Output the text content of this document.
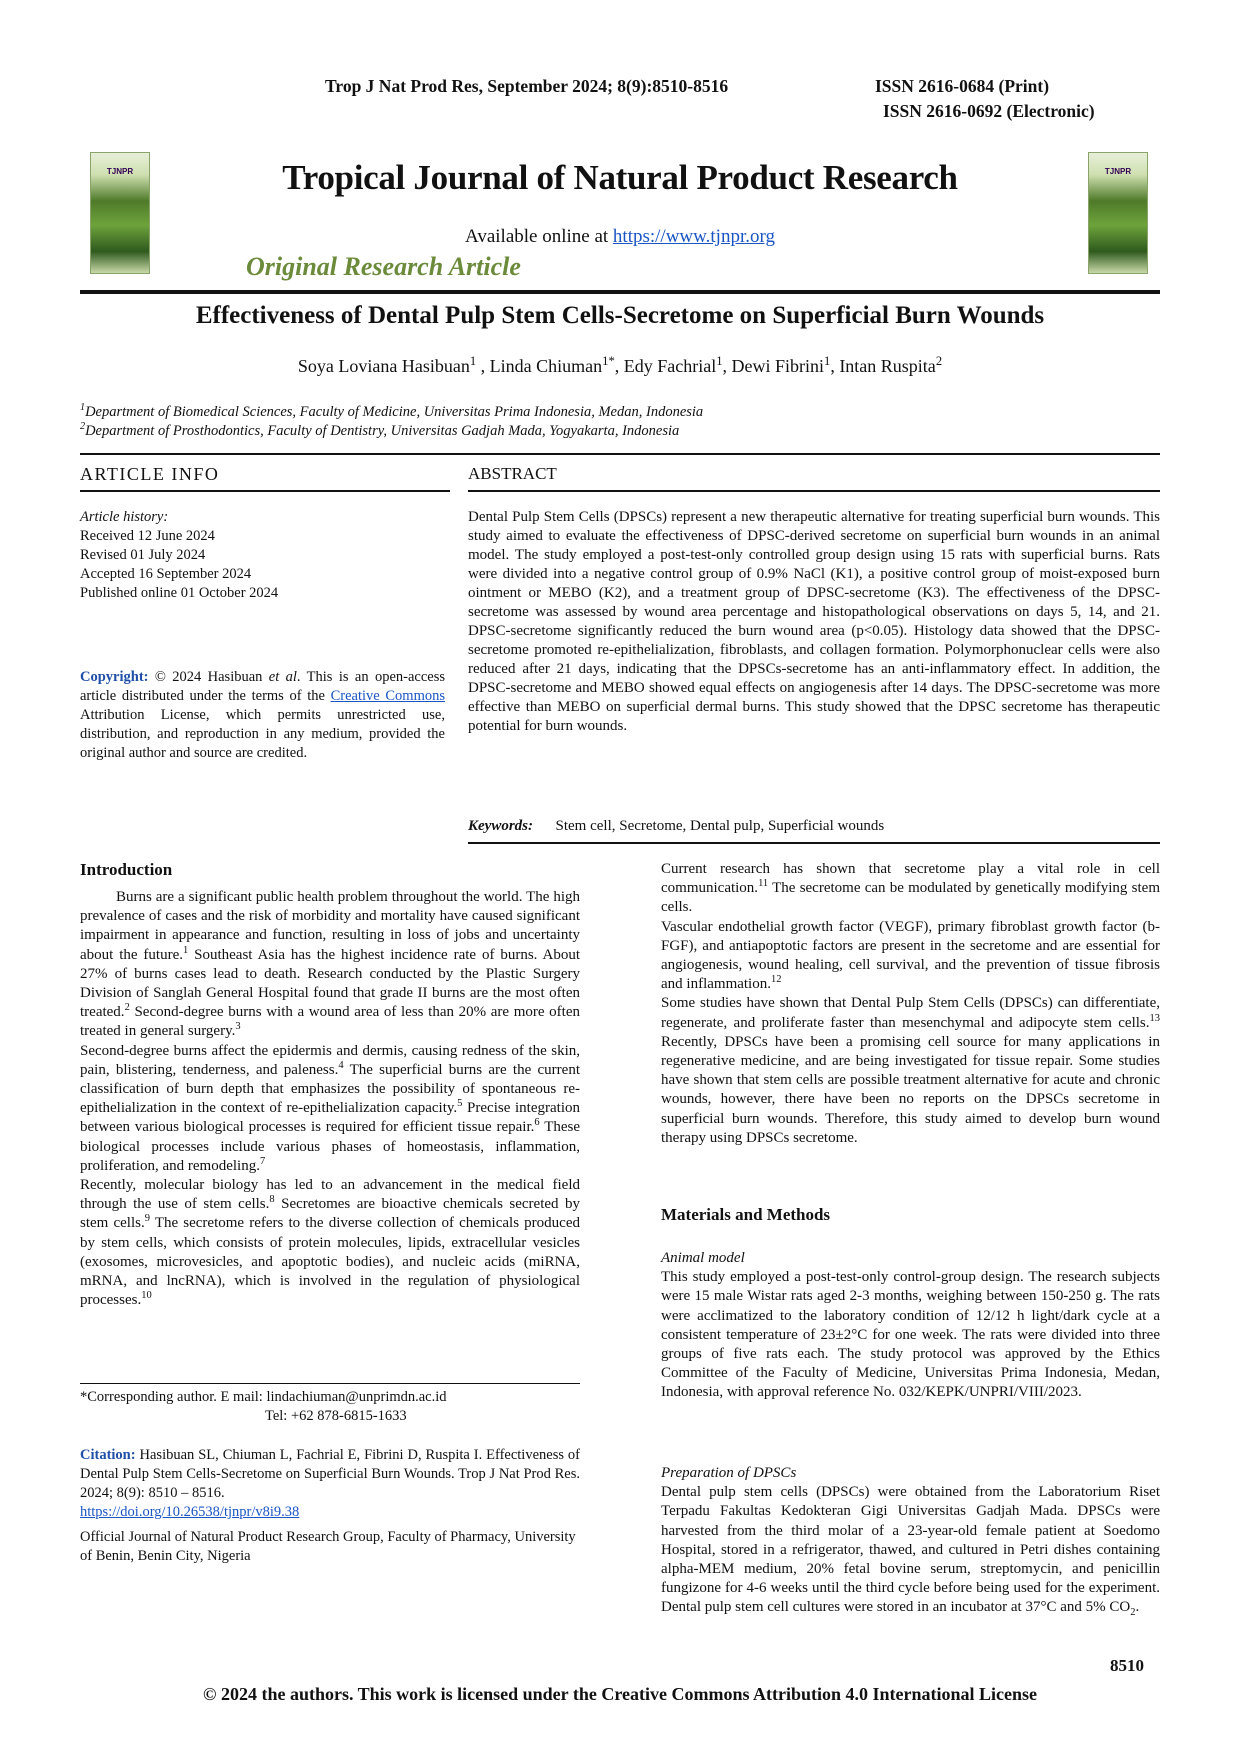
Trop J Nat Prod Res, September 2024; 8(9):8510-8516	ISSN 2616-0684 (Print)
ISSN 2616-0692 (Electronic)
TJNPR	TJNPR
Tropical Journal of Natural Product Research
Available online at https://www.tjnpr.org
Original Research Article
Effectiveness of Dental Pulp Stem Cells-Secretome on Superficial Burn Wounds
Soya Loviana Hasibuan$^1$ , Linda Chiuman$^{1*}$, Edy Fachrial$^1$, Dewi Fibrini$^1$, Intan Ruspita$^2$
$^1$Department of Biomedical Sciences, Faculty of Medicine, Universitas Prima Indonesia, Medan, Indonesia
$^2$Department of Prosthodontics, Faculty of Dentistry, Universitas Gadjah Mada, Yogyakarta, Indonesia
ARTICLE INFO
Article history:
Received 12 June 2024
Revised 01 July 2024
Accepted 16 September 2024
Published online 01 October 2024
Copyright: © 2024 Hasibuan et al. This is an open-access article distributed under the terms of the Creative Commons Attribution License, which permits unrestricted use, distribution, and reproduction in any medium, provided the original author and source are credited.
ABSTRACT
Dental Pulp Stem Cells (DPSCs) represent a new therapeutic alternative for treating superficial burn wounds. This study aimed to evaluate the effectiveness of DPSC-derived secretome on superficial burn wounds in an animal model. The study employed a post-test-only controlled group design using 15 rats with superficial burns. Rats were divided into a negative control group of 0.9% NaCl (K1), a positive control group of moist-exposed burn ointment or MEBO (K2), and a treatment group of DPSC-secretome (K3). The effectiveness of the DPSC-secretome was assessed by wound area percentage and histopathological observations on days 5, 14, and 21. DPSC-secretome significantly reduced the burn wound area (p<0.05). Histology data showed that the DPSC-secretome promoted re-epithelialization, fibroblasts, and collagen formation. Polymorphonuclear cells were also reduced after 21 days, indicating that the DPSCs-secretome has an anti-inflammatory effect. In addition, the DPSC-secretome and MEBO showed equal effects on angiogenesis after 14 days. The DPSC-secretome was more effective than MEBO on superficial dermal burns. This study showed that the DPSC secretome has therapeutic potential for burn wounds.
Keywords: Stem cell, Secretome, Dental pulp, Superficial wounds
Introduction

Burns are a significant public health problem throughout the world. The high prevalence of cases and the risk of morbidity and mortality have caused significant impairment in appearance and function, resulting in loss of jobs and uncertainty about the future.$^1$ Southeast Asia has the highest incidence rate of burns. About 27% of burns cases lead to death. Research conducted by the Plastic Surgery Division of Sanglah General Hospital found that grade II burns are the most often treated.$^2$ Second-degree burns with a wound area of less than 20% are more often treated in general surgery.$^3$

Second-degree burns affect the epidermis and dermis, causing redness of the skin, pain, blistering, tenderness, and paleness.$^4$ The superficial burns are the current classification of burn depth that emphasizes the possibility of spontaneous re-epithelialization in the context of re-epithelialization capacity.$^5$ Precise integration between various biological processes is required for efficient tissue repair.$^6$ These biological processes include various phases of homeostasis, inflammation, proliferation, and remodeling.$^7$

Recently, molecular biology has led to an advancement in the medical field through the use of stem cells.$^8$ Secretomes are bioactive chemicals secreted by stem cells.$^9$ The secretome refers to the diverse collection of chemicals produced by stem cells, which consists of protein molecules, lipids, extracellular vesicles (exosomes, microvesicles, and apoptotic bodies), and nucleic acids (miRNA, mRNA, and lncRNA), which is involved in the regulation of physiological processes.$^{10}$

*Corresponding author. E mail: lindachiuman@unprimdn.ac.id
Tel: +62 878-6815-1633
Citation: Hasibuan SL, Chiuman L, Fachrial E, Fibrini D, Ruspita I. Effectiveness of Dental Pulp Stem Cells-Secretome on Superficial Burn Wounds. Trop J Nat Prod Res. 2024; 8(9): 8510 – 8516.
https://doi.org/10.26538/tjnpr/v8i9.38
Official Journal of Natural Product Research Group, Faculty of Pharmacy, University of Benin, Benin City, Nigeria

Current research has shown that secretome play a vital role in cell communication.$^{11}$ The secretome can be modulated by genetically modifying stem cells.

Vascular endothelial growth factor (VEGF), primary fibroblast growth factor (b-FGF), and antiapoptotic factors are present in the secretome and are essential for angiogenesis, wound healing, cell survival, and the prevention of tissue fibrosis and inflammation.$^{12}$

Some studies have shown that Dental Pulp Stem Cells (DPSCs) can differentiate, regenerate, and proliferate faster than mesenchymal and adipocyte stem cells.$^{13}$ Recently, DPSCs have been a promising cell source for many applications in regenerative medicine, and are being investigated for tissue repair. Some studies have shown that stem cells are possible treatment alternative for acute and chronic wounds, however, there have been no reports on the DPSCs secretome in superficial burn wounds. Therefore, this study aimed to develop burn wound therapy using DPSCs secretome.

Materials and Methods
Animal model

This study employed a post-test-only control-group design. The research subjects were 15 male Wistar rats aged 2-3 months, weighing between 150-250 g. The rats were acclimatized to the laboratory condition of 12/12 h light/dark cycle at a consistent temperature of 23±2°C for one week. The rats were divided into three groups of five rats each. The study protocol was approved by the Ethics Committee of the Faculty of Medicine, Universitas Prima Indonesia, Medan, Indonesia, with approval reference No. 032/KEPK/UNPRI/VIII/2023.

Preparation of DPSCs

Dental pulp stem cells (DPSCs) were obtained from the Laboratorium Riset Terpadu Fakultas Kedokteran Gigi Universitas Gadjah Mada. DPSCs were harvested from the third molar of a 23-year-old female patient at Soedomo Hospital, stored in a refrigerator, thawed, and cultured in Petri dishes containing alpha-MEM medium, 20% fetal bovine serum, streptomycin, and penicillin fungizone for 4-6 weeks until the third cycle before being used for the experiment. Dental pulp stem cell cultures were stored in an incubator at 37°C and 5% $CO_2$.

8510
© 2024 the authors. This work is licensed under the Creative Commons Attribution 4.0 International License
